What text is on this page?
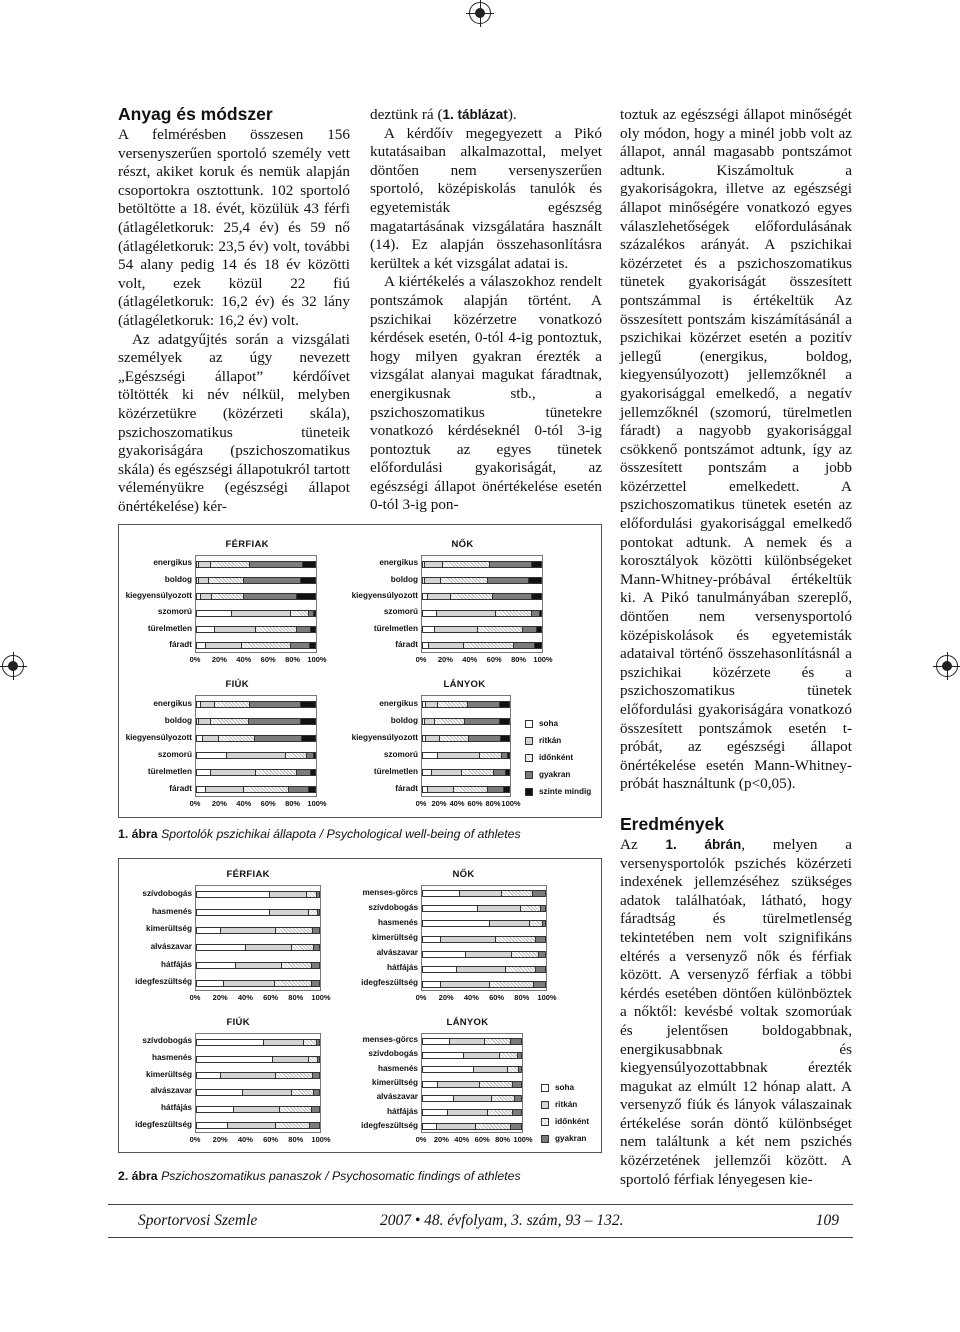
Anyag és módszer

A felmérésben összesen 156 versenyszerűen sportoló személy vett részt, akiket koruk és nemük alapján csoportokra osztottunk. 102 sportoló betöltötte a 18. évét, közülük 43 férfi (átlagéletkoruk: 25,4 év) és 59 nő (átlagéletkoruk: 23,5 év) volt, további 54 alany pedig 14 és 18 év közötti volt, ezek közül 22 fiú (átlagéletkoruk: 16,2 év) és 32 lány (átlagéletkoruk: 16,2 év) volt.

Az adatgyűjtés során a vizsgálati személyek az úgy nevezett „Egészségi állapot” kérdőívet töltötték ki név nélkül, melyben közérzetükre (közérzeti skála), pszichoszomatikus tüneteik gyakoriságára (pszichoszomatikus skála) és egészségi állapotukról tartott véleményükre (egészségi állapot önértékelése) kér-

deztünk rá (1. táblázat).

A kérdőív megegyezett a Pikó kutatásaiban alkalmazottal, melyet döntően nem versenyszerűen sportoló, középiskolás tanulók és egyetemisták egészség magatartásának vizsgálatára használt (14). Ez alapján összehasonlításra kerültek a két vizsgálat adatai is.

A kiértékelés a válaszokhoz rendelt pontszámok alapján történt. A pszichikai közérzetre vonatkozó kérdések esetén, 0-tól 4-ig pontoztuk, hogy milyen gyakran érezték a vizsgálat alanyai magukat fáradtnak, energikusnak stb., a pszichoszomatikus tünetekre vonatkozó kérdéseknél 0-tól 3-ig pontoztuk az egyes tünetek előfordulási gyakoriságát, az egészségi állapot önértékelése esetén 0-tól 3-ig pon-

toztuk az egészségi állapot minőségét oly módon, hogy a minél jobb volt az állapot, annál magasabb pontszámot adtunk. Kiszámoltuk a gyakoriságokra, illetve az egészségi állapot minőségére vonatkozó egyes válaszlehetőségek előfordulásának százalékos arányát. A pszichikai közérzetet és a pszichoszomatikus tünetek gyakoriságát összesített pontszámmal is értékeltük Az összesített pontszám kiszámításánál a pszichikai közérzet esetén a pozitív jellegű (energikus, boldog, kiegyensúlyozott) jellemzőknél a gyakorisággal emelkedő, a negatív jellemzőknél (szomorú, türelmetlen fáradt) a nagyobb gyakorisággal csökkenő pontszámot adtunk, így az összesített pontszám a jobb közérzettel emelkedett. A pszichoszomatikus tünetek esetén az előfordulási gyakorisággal emelkedő pontokat adtunk. A nemek és a korosztályok közötti különbségeket Mann-Whitney-próbával értékeltük ki. A Pikó tanulmányában szereplő, döntően nem versenysportoló középiskolások és egyetemisták adataival történő összehasonlításnál a pszichikai közérzete és a pszichoszomatikus tünetek előfordulási gyakoriságára vonatkozó összesített pontszámok esetén t-próbát, az egészségi állapot önértékelése esetén Mann-Whitney-próbát használtunk (p<0,05).

Eredmények

Az 1. ábrán, melyen a versenysportolók pszichés közérzeti indexének jellemzéséhez szükséges adatok találhatóak, látható, hogy fáradtság és türelmetlenség tekintetében nem volt szignifikáns eltérés a versenyző nők és férfiak között. A versenyző férfiak a többi kérdés esetében döntően különböztek a nőktől: kevésbé voltak szomorúak és jelentősen boldogabbnak, energikusabbnak és kiegyensúlyozottabbnak érezték magukat az elmúlt 12 hónap alatt. A versenyző fiúk és lányok válaszainak értékelése során döntő különbséget nem találtunk a két nem pszichés közérzetének jellemzői között. A sportoló férfiak lényegesen kie-

FÉRFIAK
energikus
boldog
kiegyensúlyozott
szomorú
türelmetlen
fáradt
0% 20% 40% 60% 80% 100%
NŐK
energikus
boldog
kiegyensúlyozott
szomorú
türelmetlen
fáradt
0% 20% 40% 60% 80% 100%
FIÚK
energikus
boldog
kiegyensúlyozott
szomorú
türelmetlen
fáradt
0% 20% 40% 60% 80% 100%
LÁNYOK
energikus
boldog
kiegyensúlyozott
szomorú
türelmetlen
fáradt
0% 20% 40% 60% 80% 100%
soha
ritkán
időnként
gyakran
szinte mindig
1. ábra Sportolók pszichikai állapota / Psychological well-being of athletes
FÉRFIAK
szívdobogás
hasmenés
kimerültség
alvászavar
hátfájás
idegfeszültség
0% 20% 40% 60% 80% 100%
NŐK
menses-görcs
szívdobogás
hasmenés
kimerültség
alvászavar
hátfájás
idegfeszültség
0% 20% 40% 60% 80% 100%
FIÚK
szívdobogás
hasmenés
kimerültség
alvászavar
hátfájás
idegfeszültség
0% 20% 40% 60% 80% 100%
LÁNYOK
menses-görcs
szívdobogás
hasmenés
kimerültség
alvászavar
hátfájás
idegfeszültség
0% 20% 40% 60% 80% 100%
soha
ritkán
időnként
gyakran
2. ábra Pszichoszomatikus panaszok / Psychosomatic findings of athletes
Sportorvosi Szemle	2007 • 48. évfolyam, 3. szám, 93 – 132.	109
